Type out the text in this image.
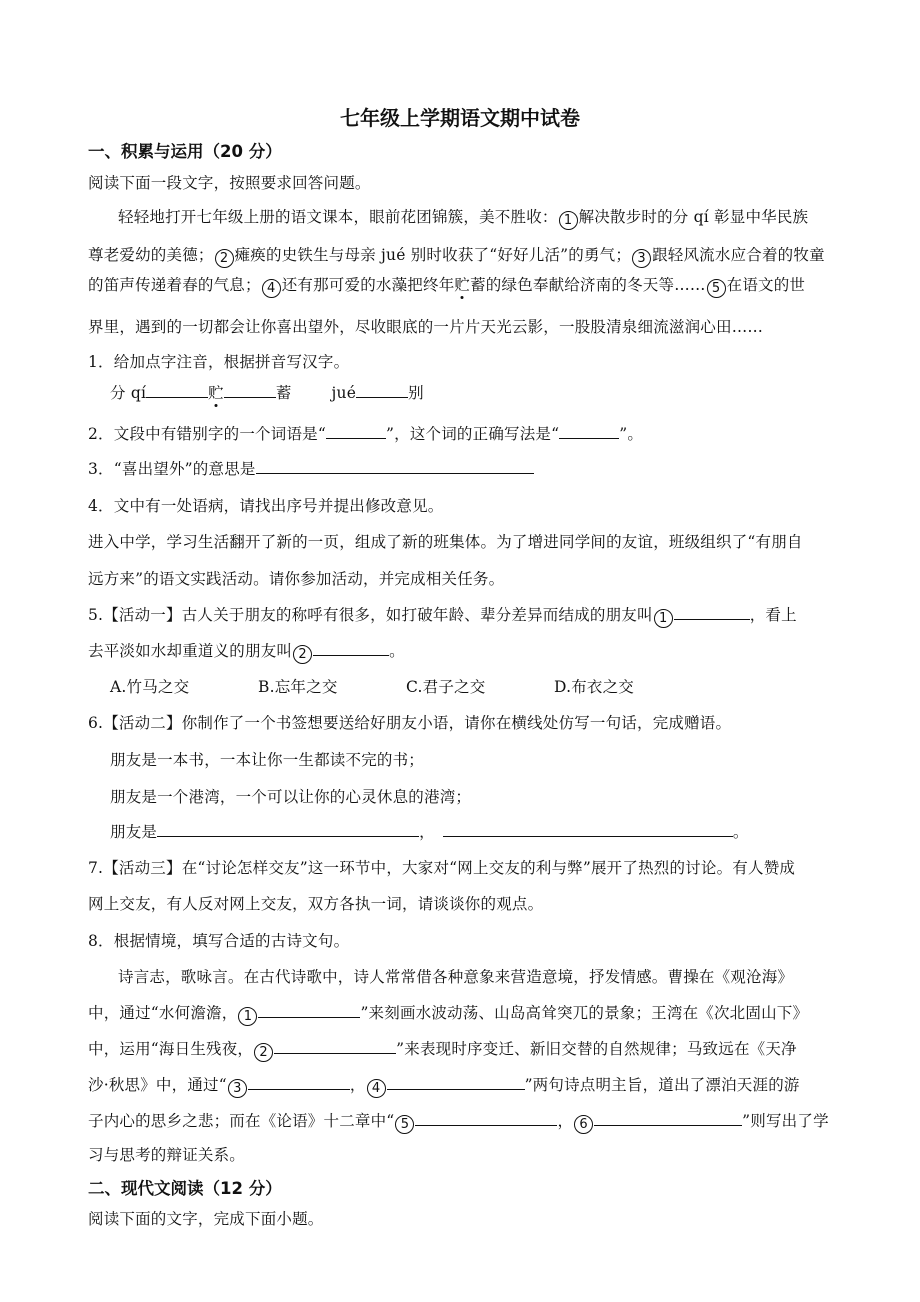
七年级上学期语文期中试卷
一、积累与运用（20 分）
阅读下面一段文字，按照要求回答问题。
轻轻地打开七年级上册的语文课本，眼前花团锦簇，美不胜收： 1 解决散步时的分 qí 彰显中华民族
尊老爱幼的美德； 2 瘫痪的史铁生与母亲 jué 别时收获了“好好儿活”的勇气； 3 跟轻风流水应合着的牧童
的笛声传递着春的气息； 4 还有那可爱的水藻把终年贮蓄的绿色奉献给济南的冬天等…… 5 在语文的世
界里，遇到的一切都会让你喜出望外，尽收眼底的一片片天光云影，一股股清泉细流滋润心田……
1．给加点字注音，根据拼音写汉字。
分 qí	贮	蓄	jué	别
2．文段中有错别字的一个词语是“	”，这个词的正确写法是“	”。
3．“喜出望外”的意思是
4．文中有一处语病，请找出序号并提出修改意见。
进入中学，学习生活翻开了新的一页，组成了新的班集体。为了增进同学间的友谊，班级组织了“有朋自
远方来”的语文实践活动。请你参加活动，并完成相关任务。
5.【活动一】古人关于朋友的称呼有很多，如打破年龄、辈分差异而结成的朋友叫 1	，看上
去平淡如水却重道义的朋友叫 2	。
A.竹马之交	B.忘年之交	C.君子之交	D.布衣之交
6.【活动二】你制作了一个书签想要送给好朋友小语，请你在横线处仿写一句话，完成赠语。
朋友是一本书，一本让你一生都读不完的书；
朋友是一个港湾，一个可以让你的心灵休息的港湾；
朋友是	，	。
7.【活动三】在“讨论怎样交友”这一环节中，大家对“网上交友的利与弊”展开了热烈的讨论。有人赞成
网上交友，有人反对网上交友，双方各执一词，请谈谈你的观点。
8．根据情境，填写合适的古诗文句。
诗言志，歌咏言。在古代诗歌中，诗人常常借各种意象来营造意境，抒发情感。曹操在《观沧海》
中，通过“水何澹澹， 1	”来刻画水波动荡、山岛高耸突兀的景象；王湾在《次北固山下》
中，运用“海日生残夜， 2	”来表现时序变迁、新旧交替的自然规律；马致远在《天净
沙·秋思》中，通过“ 3	， 4	”两句诗点明主旨，道出了漂泊天涯的游
子内心的思乡之悲；而在《论语》十二章中“ 5	， 6	”则写出了学
习与思考的辩证关系。
二、现代文阅读（12 分）
阅读下面的文字，完成下面小题。
